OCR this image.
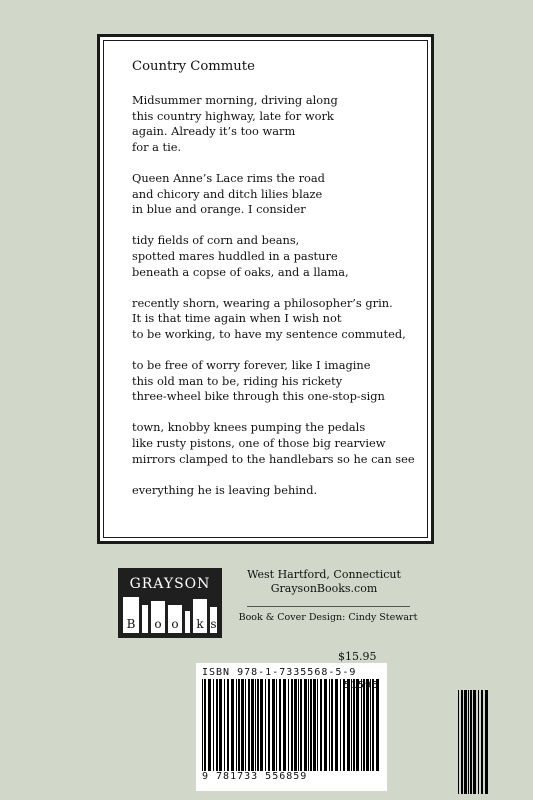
Country Commute
Midsummer morning, driving along
this country highway, late for work
again. Already it’s too warm
for a tie.
Queen Anne’s Lace rims the road
and chicory and ditch lilies blaze
in blue and orange. I consider
tidy fields of corn and beans,
spotted mares huddled in a pasture
beneath a copse of oaks, and a llama,
recently shorn, wearing a philosopher’s grin.
It is that time again when I wish not
to be working, to have my sentence commuted,
to be free of worry forever, like I imagine
this old man to be, riding his rickety
three-wheel bike through this one-stop-sign
town, knobby knees pumping the pedals
like rusty pistons, one of those big rearview
mirrors clamped to the handlebars so he can see
everything he is leaving behind.
GRAYSON
B o o k s
West Hartford, Connecticut
GraysonBooks.com
Book & Cover Design: Cindy Stewart
$15.95
ISBN 978-1-7335568-5-9
51595
9 781733 556859
